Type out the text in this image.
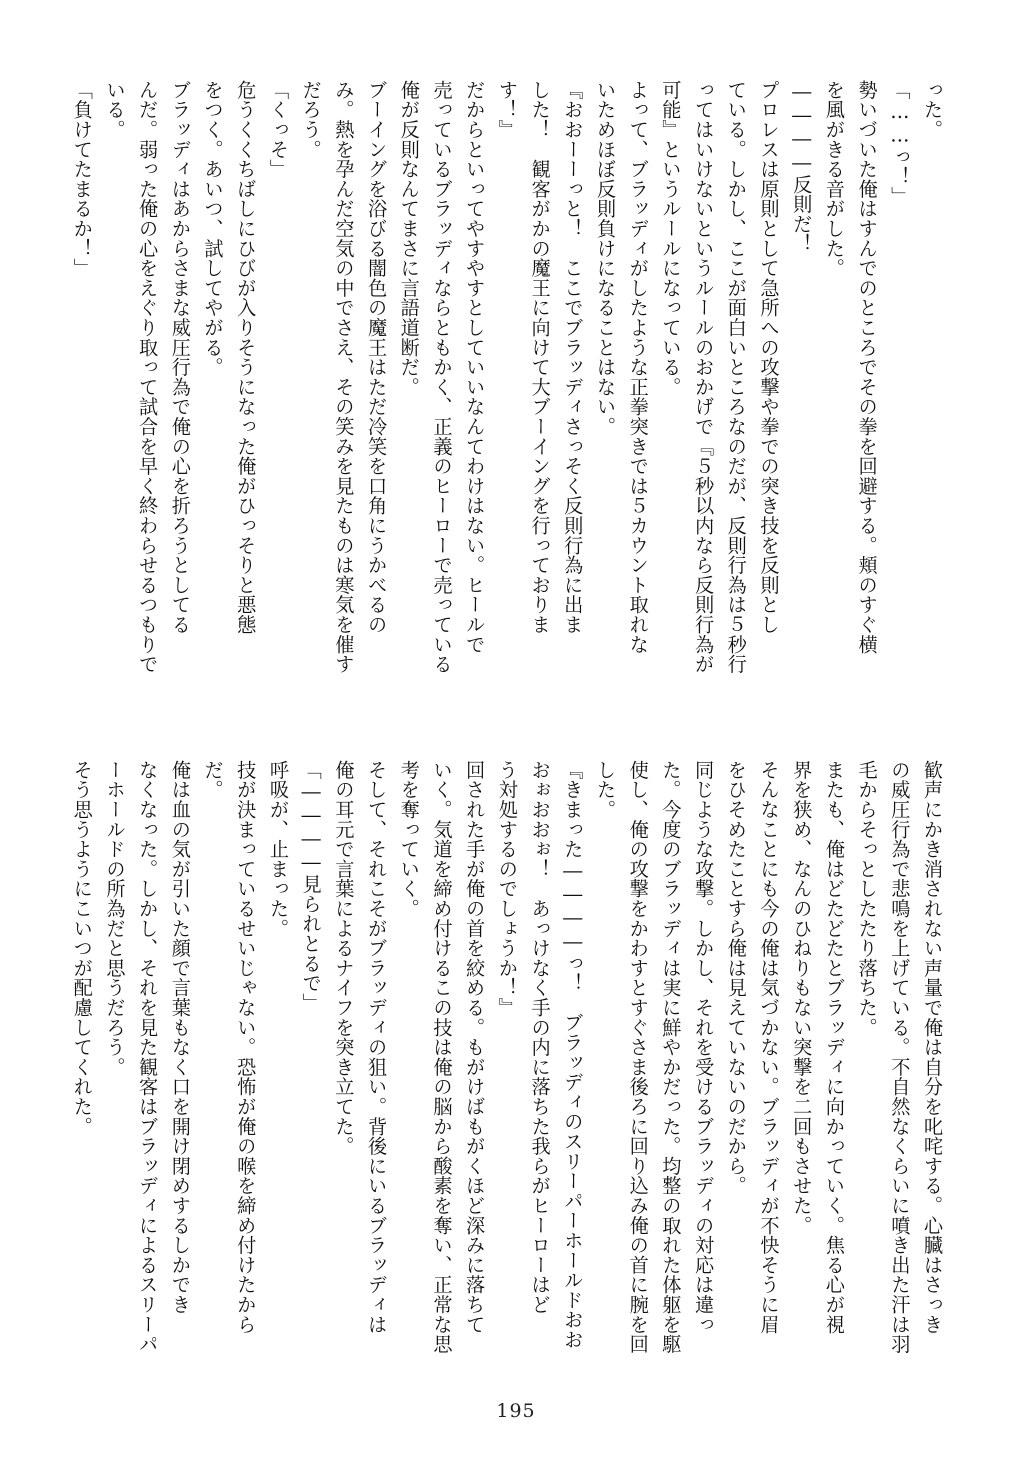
った。
「……っ！」
勢いづいた俺はすんでのところでその拳を回避する。頬のすぐ横
を風がきる音がした。
――――反則だ！
プロレスは原則として急所への攻撃や拳での突き技を反則とし
ている。しかし、ここが面白いところなのだが、反則行為は５秒行
ってはいけないというルールのおかげで『５秒以内なら反則行為が
可能』というルールになっている。
よって、ブラッディがしたような正拳突きでは５カウント取れな
いためほぼ反則負けになることはない。
『おおーーっと！　ここでブラッディさっそく反則行為に出ま
した！　観客がかの魔王に向けて大ブーイングを行っておりま
す！』
だからといってやすやすとしていいなんてわけはない。ヒールで
売っているブラッディならともかく、正義のヒーローで売っている
俺が反則なんてまさに言語道断だ。
ブーイングを浴びる闇色の魔王はただ冷笑を口角にうかべるの
み。熱を孕んだ空気の中でさえ、その笑みを見たものは寒気を催す
だろう。
「くっそ」
危うくくちばしにひびが入りそうになった俺がひっそりと悪態
をつく。あいつ、試してやがる。
ブラッディはあからさまな威圧行為で俺の心を折ろうとしてる
んだ。弱った俺の心をえぐり取って試合を早く終わらせるつもりで
いる。
「負けてたまるか！」
歓声にかき消されない声量で俺は自分を叱咤する。心臓はさっき
の威圧行為で悲鳴を上げている。不自然なくらいに噴き出た汗は羽
毛からそっとしたたり落ちた。
またも、俺はどたどたとブラッディに向かっていく。焦る心が視
界を狭め、なんのひねりもない突撃を二回もさせた。
そんなことにも今の俺は気づかない。ブラッディが不快そうに眉
をひそめたことすら俺は見えていないのだから。
同じような攻撃。しかし、それを受けるブラッディの対応は違っ
た。今度のブラッディは実に鮮やかだった。均整の取れた体躯を駆
使し、俺の攻撃をかわすとすぐさま後ろに回り込み俺の首に腕を回
した。
『きまった――――っ！　ブラッディのスリーパーホールドおお
おぉおおぉ！　あっけなく手の内に落ちた我らがヒーローはど
う対処するのでしょうか！』
回された手が俺の首を絞める。もがけばもがくほど深みに落ちて
いく。気道を締め付けるこの技は俺の脳から酸素を奪い、正常な思
考を奪っていく。
そして、それこそがブラッディの狙い。背後にいるブラッディは
俺の耳元で言葉によるナイフを突き立てた。
「――――見られとるで」
呼吸が、止まった。
技が決まっているせいじゃない。恐怖が俺の喉を締め付けたから
だ。
俺は血の気が引いた顔で言葉もなく口を開け閉めするしかでき
なくなった。しかし、それを見た観客はブラッディによるスリーパ
ーホールドの所為だと思うだろう。
そう思うようにこいつが配慮してくれた。
195
